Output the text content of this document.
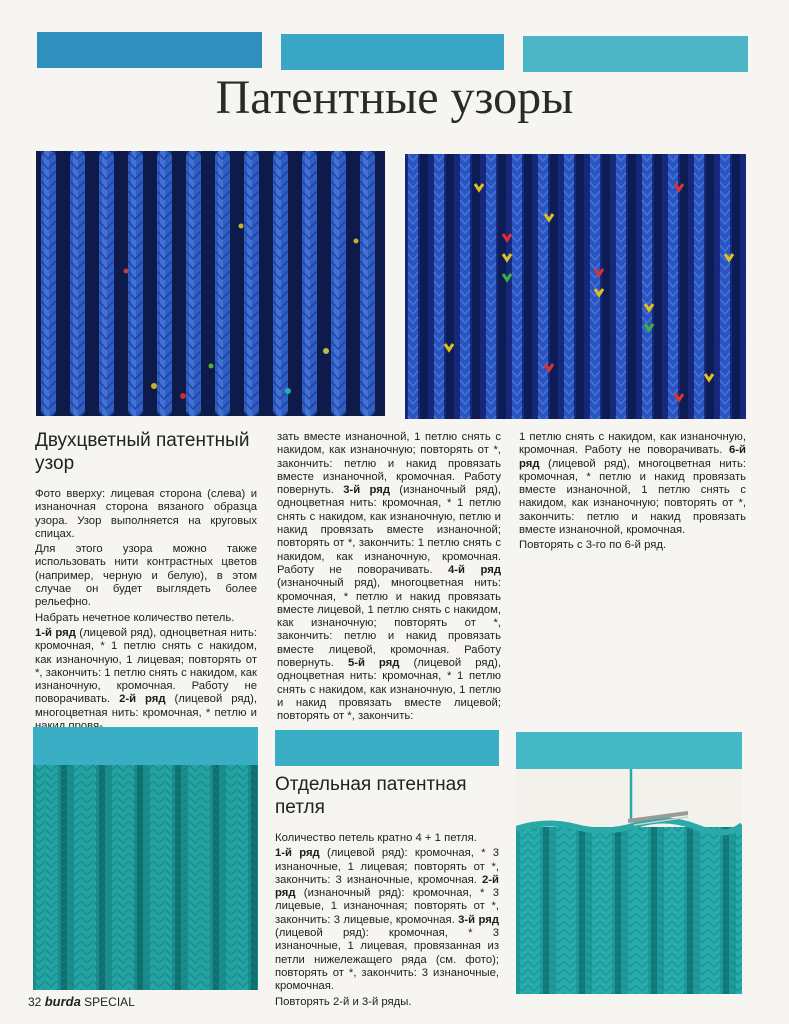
Патентные узоры
Двухцветный патентный узор

Фото вверху: лицевая сторона (слева) и изнаночная сторона вязаного образца узора. Узор выполняется на круговых спицах.

Для этого узора можно также использовать нити контрастных цветов (например, черную и белую), в этом случае он будет выглядеть более рельефно.

Набрать нечетное количество петель.

1-й ряд (лицевой ряд), одноцветная нить: кромочная, * 1 петлю снять с накидом, как изнаночную, 1 лицевая; повторять от *, закончить: 1 петлю снять с накидом, как изнаночную, кромочная. Работу не поворачивать. 2-й ряд (лицевой ряд), многоцветная нить: кромочная, * петлю и

зать вместе изнаночной, 1 петлю снять с накидом, как изнаночную; повторять от *, закончить: петлю и накид провязать вместе изнаночной, кромочная. Работу повернуть. 3-й ряд (изнаночный ряд), одноцветная нить: кромочная, * 1 петлю снять с накидом, как изнаночную, петлю и накид провязать вместе изнаночной; повторять от *, закончить: 1 петлю снять с накидом, как изнаночную, кромочная. Работу не поворачивать. 4-й ряд (изнаночный ряд), многоцветная нить: кромочная, * петлю и накид провязать вместе лицевой, 1 петлю снять с накидом, как изнаночную; повторять от *, закончить: петлю и накид провязать вместе лицевой, кромочная. Работу повернуть. 5-й ряд (лицевой ряд), одноцветная нить: кромочная, * 1 петлю снять с накидом, как изнаночную, 1 петлю и накид провязать вместе лицевой; повторять от *, закончить:

1 петлю снять с накидом, как изнаночную, кромочная. Работу не поворачивать. 6-й ряд (лицевой ряд), многоцветная нить: кромочная, * петлю и накид провязать вместе изнаночной, 1 петлю снять с накидом, как изнаночную; повторять от *, закончить: петлю и накид провязать вместе изнаночной, кромочная.

Повторять с 3-го по 6-й ряд.

Отдельная патентная петля

Количество петель кратно 4 + 1 петля.

1-й ряд (лицевой ряд): кромочная, * 3 изнаночные, 1 лицевая; повторять от *, закончить: 3 изнаночные, кромочная. 2-й ряд (изнаночный ряд): кромочная, * 3 лицевые, 1 изнаночная; повторять от *, закончить: 3 лицевые, кромочная. 3-й ряд (лицевой ряд): кромочная, * 3 изнаночные, 1 лицевая, провязанная из петли нижележащего ряда (см. фото); повторять от *, закончить: 3 изнаночные, кромочная.

Повторять 2-й и 3-й ряды.

32 burda SPECIAL
